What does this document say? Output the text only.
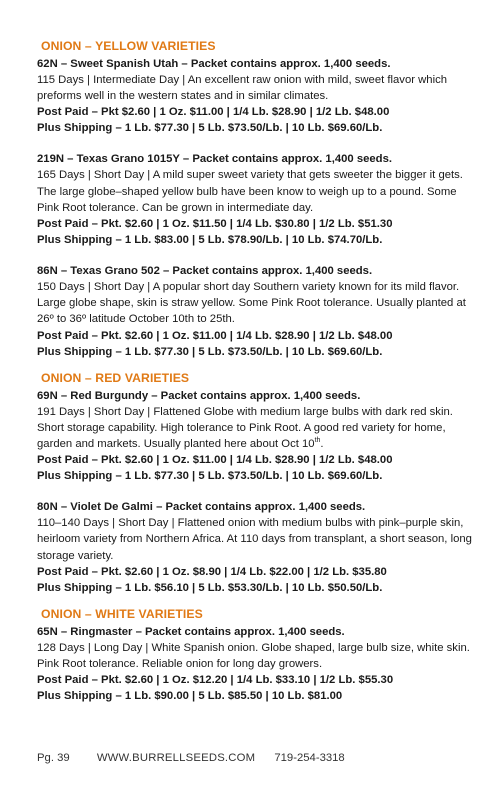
ONION – YELLOW VARIETIES
62N – Sweet Spanish Utah – Packet contains approx. 1,400 seeds.
115 Days | Intermediate Day | An excellent raw onion with mild, sweet flavor which preforms well in the western states and in similar climates.
Post Paid – Pkt $2.60 | 1 Oz. $11.00 | 1/4 Lb. $28.90 | 1/2 Lb. $48.00
Plus Shipping – 1 Lb. $77.30 | 5 Lb. $73.50/Lb. | 10 Lb. $69.60/Lb.
219N – Texas Grano 1015Y – Packet contains approx. 1,400 seeds.
165 Days | Short Day | A mild super sweet variety that gets sweeter the bigger it gets. The large globe–shaped yellow bulb have been know to weigh up to a pound. Some Pink Root tolerance. Can be grown in intermediate day.
Post Paid – Pkt. $2.60 | 1 Oz. $11.50 | 1/4 Lb. $30.80 | 1/2 Lb. $51.30
Plus Shipping – 1 Lb. $83.00 | 5 Lb. $78.90/Lb. | 10 Lb. $74.70/Lb.
86N – Texas Grano 502 – Packet contains approx. 1,400 seeds.
150 Days | Short Day | A popular short day Southern variety known for its mild flavor. Large globe shape, skin is straw yellow. Some Pink Root tolerance. Usually planted at 26º to 36º latitude October 10th to 25th.
Post Paid – Pkt. $2.60 | 1 Oz. $11.00 | 1/4 Lb. $28.90 | 1/2 Lb. $48.00
Plus Shipping – 1 Lb. $77.30 | 5 Lb. $73.50/Lb. | 10 Lb. $69.60/Lb.
ONION – RED VARIETIES
69N – Red Burgundy – Packet contains approx. 1,400 seeds.
191 Days | Short Day | Flattened Globe with medium large bulbs with dark red skin. Short storage capability. High tolerance to Pink Root. A good red variety for home, garden and markets. Usually planted here about Oct 10th.
Post Paid – Pkt. $2.60 | 1 Oz. $11.00 | 1/4 Lb. $28.90 | 1/2 Lb. $48.00
Plus Shipping – 1 Lb. $77.30 | 5 Lb. $73.50/Lb. | 10 Lb. $69.60/Lb.
80N – Violet De Galmi – Packet contains approx. 1,400 seeds.
110–140 Days | Short Day | Flattened onion with medium bulbs with pink–purple skin, heirloom variety from Northern Africa. At 110 days from transplant, a short season, long storage variety.
Post Paid – Pkt. $2.60 | 1 Oz. $8.90 | 1/4 Lb. $22.00 | 1/2 Lb. $35.80
Plus Shipping – 1 Lb. $56.10 | 5 Lb. $53.30/Lb. | 10 Lb. $50.50/Lb.
ONION – WHITE VARIETIES
65N – Ringmaster – Packet contains approx. 1,400 seeds.
128 Days | Long Day | White Spanish onion. Globe shaped, large bulb size, white skin. Pink Root tolerance. Reliable onion for long day growers.
Post Paid – Pkt. $2.60 | 1 Oz. $12.20 | 1/4 Lb. $33.10 | 1/2 Lb. $55.30
Plus Shipping – 1 Lb. $90.00 | 5 Lb. $85.50 | 10 Lb. $81.00
Pg. 39 WWW.BURRELLSEEDS.COM 719-254-3318
